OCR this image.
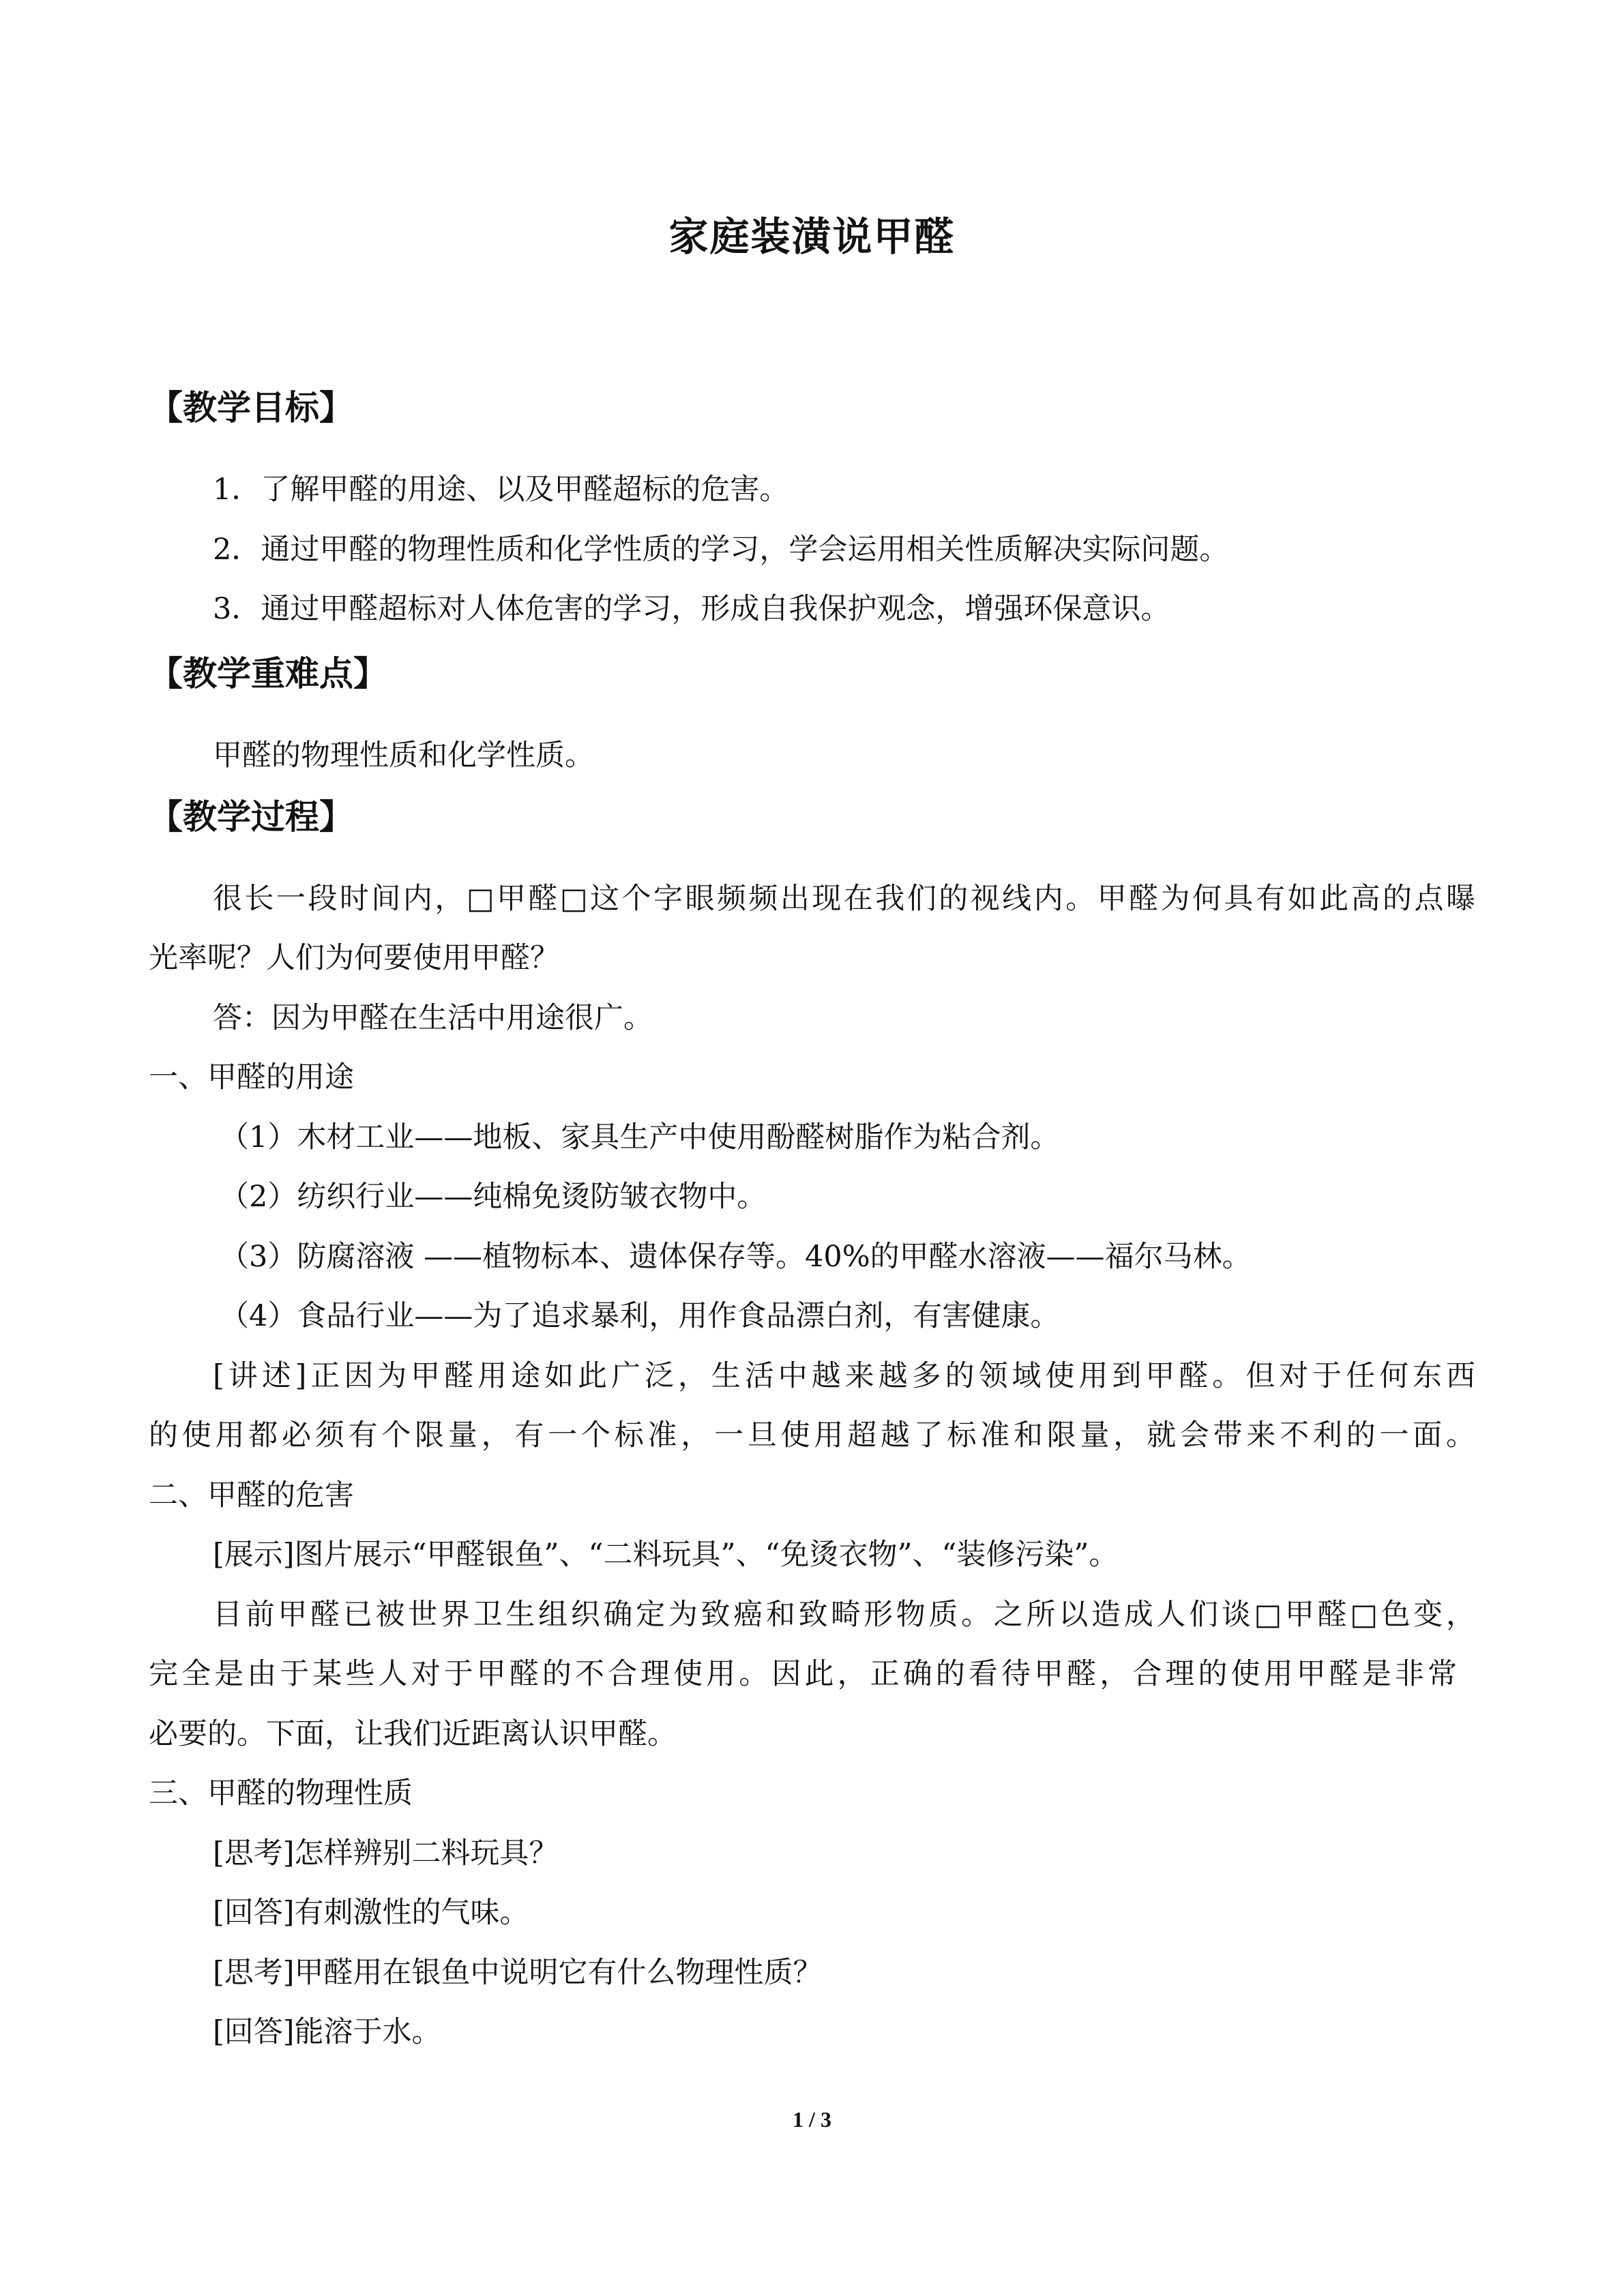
家庭装潢说甲醛
【教学目标】
1．了解甲醛的用途、以及甲醛超标的危害。
2．通过甲醛的物理性质和化学性质的学习，学会运用相关性质解决实际问题。
3．通过甲醛超标对人体危害的学习，形成自我保护观念，增强环保意识。
【教学重难点】
甲醛的物理性质和化学性质。
【教学过程】
很长一段时间内，□甲醛□这个字眼频频出现在我们的视线内。甲醛为何具有如此高的点曝
光率呢？人们为何要使用甲醛？
答：因为甲醛在生活中用途很广。
一、甲醛的用途
（1）木材工业——地板、家具生产中使用酚醛树脂作为粘合剂。
（2）纺织行业——纯棉免烫防皱衣物中。
（3）防腐溶液 ——植物标本、遗体保存等。40%的甲醛水溶液——福尔马林。
（4）食品行业——为了追求暴利，用作食品漂白剂，有害健康。
[讲述]正因为甲醛用途如此广泛，生活中越来越多的领域使用到甲醛。但对于任何东西
的使用都必须有个限量，有一个标准，一旦使用超越了标准和限量，就会带来不利的一面。
二、甲醛的危害
[展示]图片展示“甲醛银鱼”、“二料玩具”、“免烫衣物”、“装修污染”。
目前甲醛已被世界卫生组织确定为致癌和致畸形物质。之所以造成人们谈□甲醛□色变，
完全是由于某些人对于甲醛的不合理使用。因此，正确的看待甲醛，合理的使用甲醛是非常
必要的。下面，让我们近距离认识甲醛。
三、甲醛的物理性质
[思考]怎样辨别二料玩具？
[回答]有刺激性的气味。
[思考]甲醛用在银鱼中说明它有什么物理性质？
[回答]能溶于水。
1 / 3
